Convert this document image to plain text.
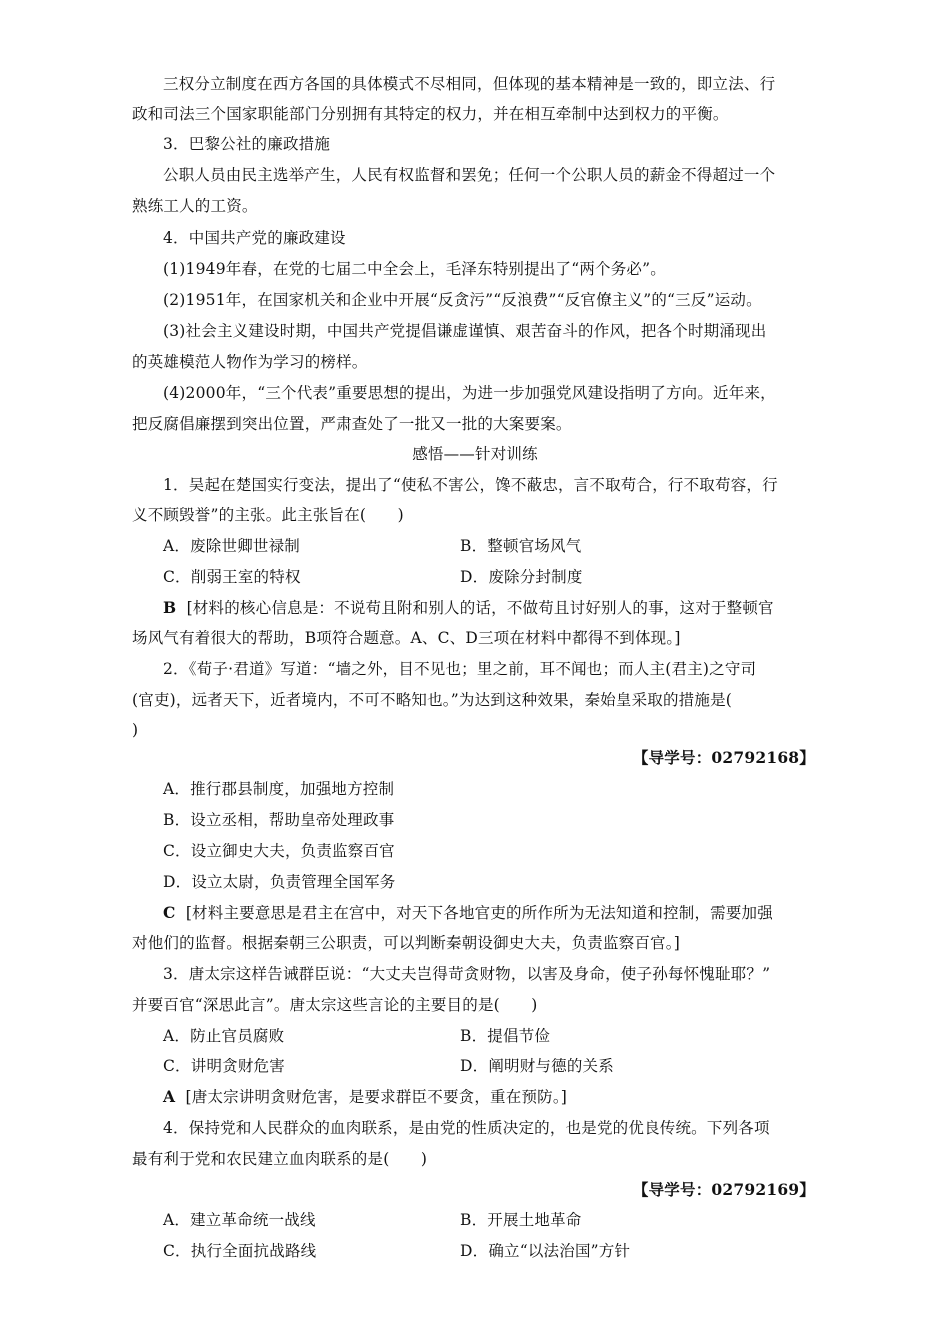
三权分立制度在西方各国的具体模式不尽相同，但体现的基本精神是一致的，即立法、行
政和司法三个国家职能部门分别拥有其特定的权力，并在相互牵制中达到权力的平衡。
3．巴黎公社的廉政措施
公职人员由民主选举产生，人民有权监督和罢免；任何一个公职人员的薪金不得超过一个
熟练工人的工资。
4．中国共产党的廉政建设
(1)1949年春，在党的七届二中全会上，毛泽东特别提出了“两个务必”。
(2)1951年，在国家机关和企业中开展“反贪污”“反浪费”“反官僚主义”的“三反”运动。
(3)社会主义建设时期，中国共产党提倡谦虚谨慎、艰苦奋斗的作风，把各个时期涌现出
的英雄模范人物作为学习的榜样。
(4)2000年，“三个代表”重要思想的提出，为进一步加强党风建设指明了方向。近年来，
把反腐倡廉摆到突出位置，严肃查处了一批又一批的大案要案。
感悟——针对训练
1．吴起在楚国实行变法，提出了“使私不害公，馋不蔽忠，言不取苟合，行不取苟容，行
义不顾毁誉”的主张。此主张旨在(　　)
A．废除世卿世禄制	B．整顿官场风气
C．削弱王室的特权	D．废除分封制度
B [材料的核心信息是：不说苟且附和别人的话，不做苟且讨好别人的事，这对于整顿官
场风气有着很大的帮助，B项符合题意。A、C、D三项在材料中都得不到体现。]
2．《荀子·君道》写道：“墙之外，目不见也；里之前，耳不闻也；而人主(君主)之守司
(官吏)，远者天下，近者境内，不可不略知也。”为达到这种效果，秦始皇采取的措施是(
)
【导学号：02792168】
A．推行郡县制度，加强地方控制
B．设立丞相，帮助皇帝处理政事
C．设立御史大夫，负责监察百官
D．设立太尉，负责管理全国军务
C [材料主要意思是君主在宫中，对天下各地官吏的所作所为无法知道和控制，需要加强
对他们的监督。根据秦朝三公职责，可以判断秦朝设御史大夫，负责监察百官。]
3．唐太宗这样告诫群臣说：“大丈夫岂得苛贪财物，以害及身命，使子孙每怀愧耻耶？”
并要百官“深思此言”。唐太宗这些言论的主要目的是(　　)
A．防止官员腐败	B．提倡节俭
C．讲明贪财危害	D．阐明财与德的关系
A [唐太宗讲明贪财危害，是要求群臣不要贪，重在预防。]
4．保持党和人民群众的血肉联系，是由党的性质决定的，也是党的优良传统。下列各项
最有利于党和农民建立血肉联系的是(　　)
【导学号：02792169】
A．建立革命统一战线	B．开展土地革命
C．执行全面抗战路线	D．确立“以法治国”方针
